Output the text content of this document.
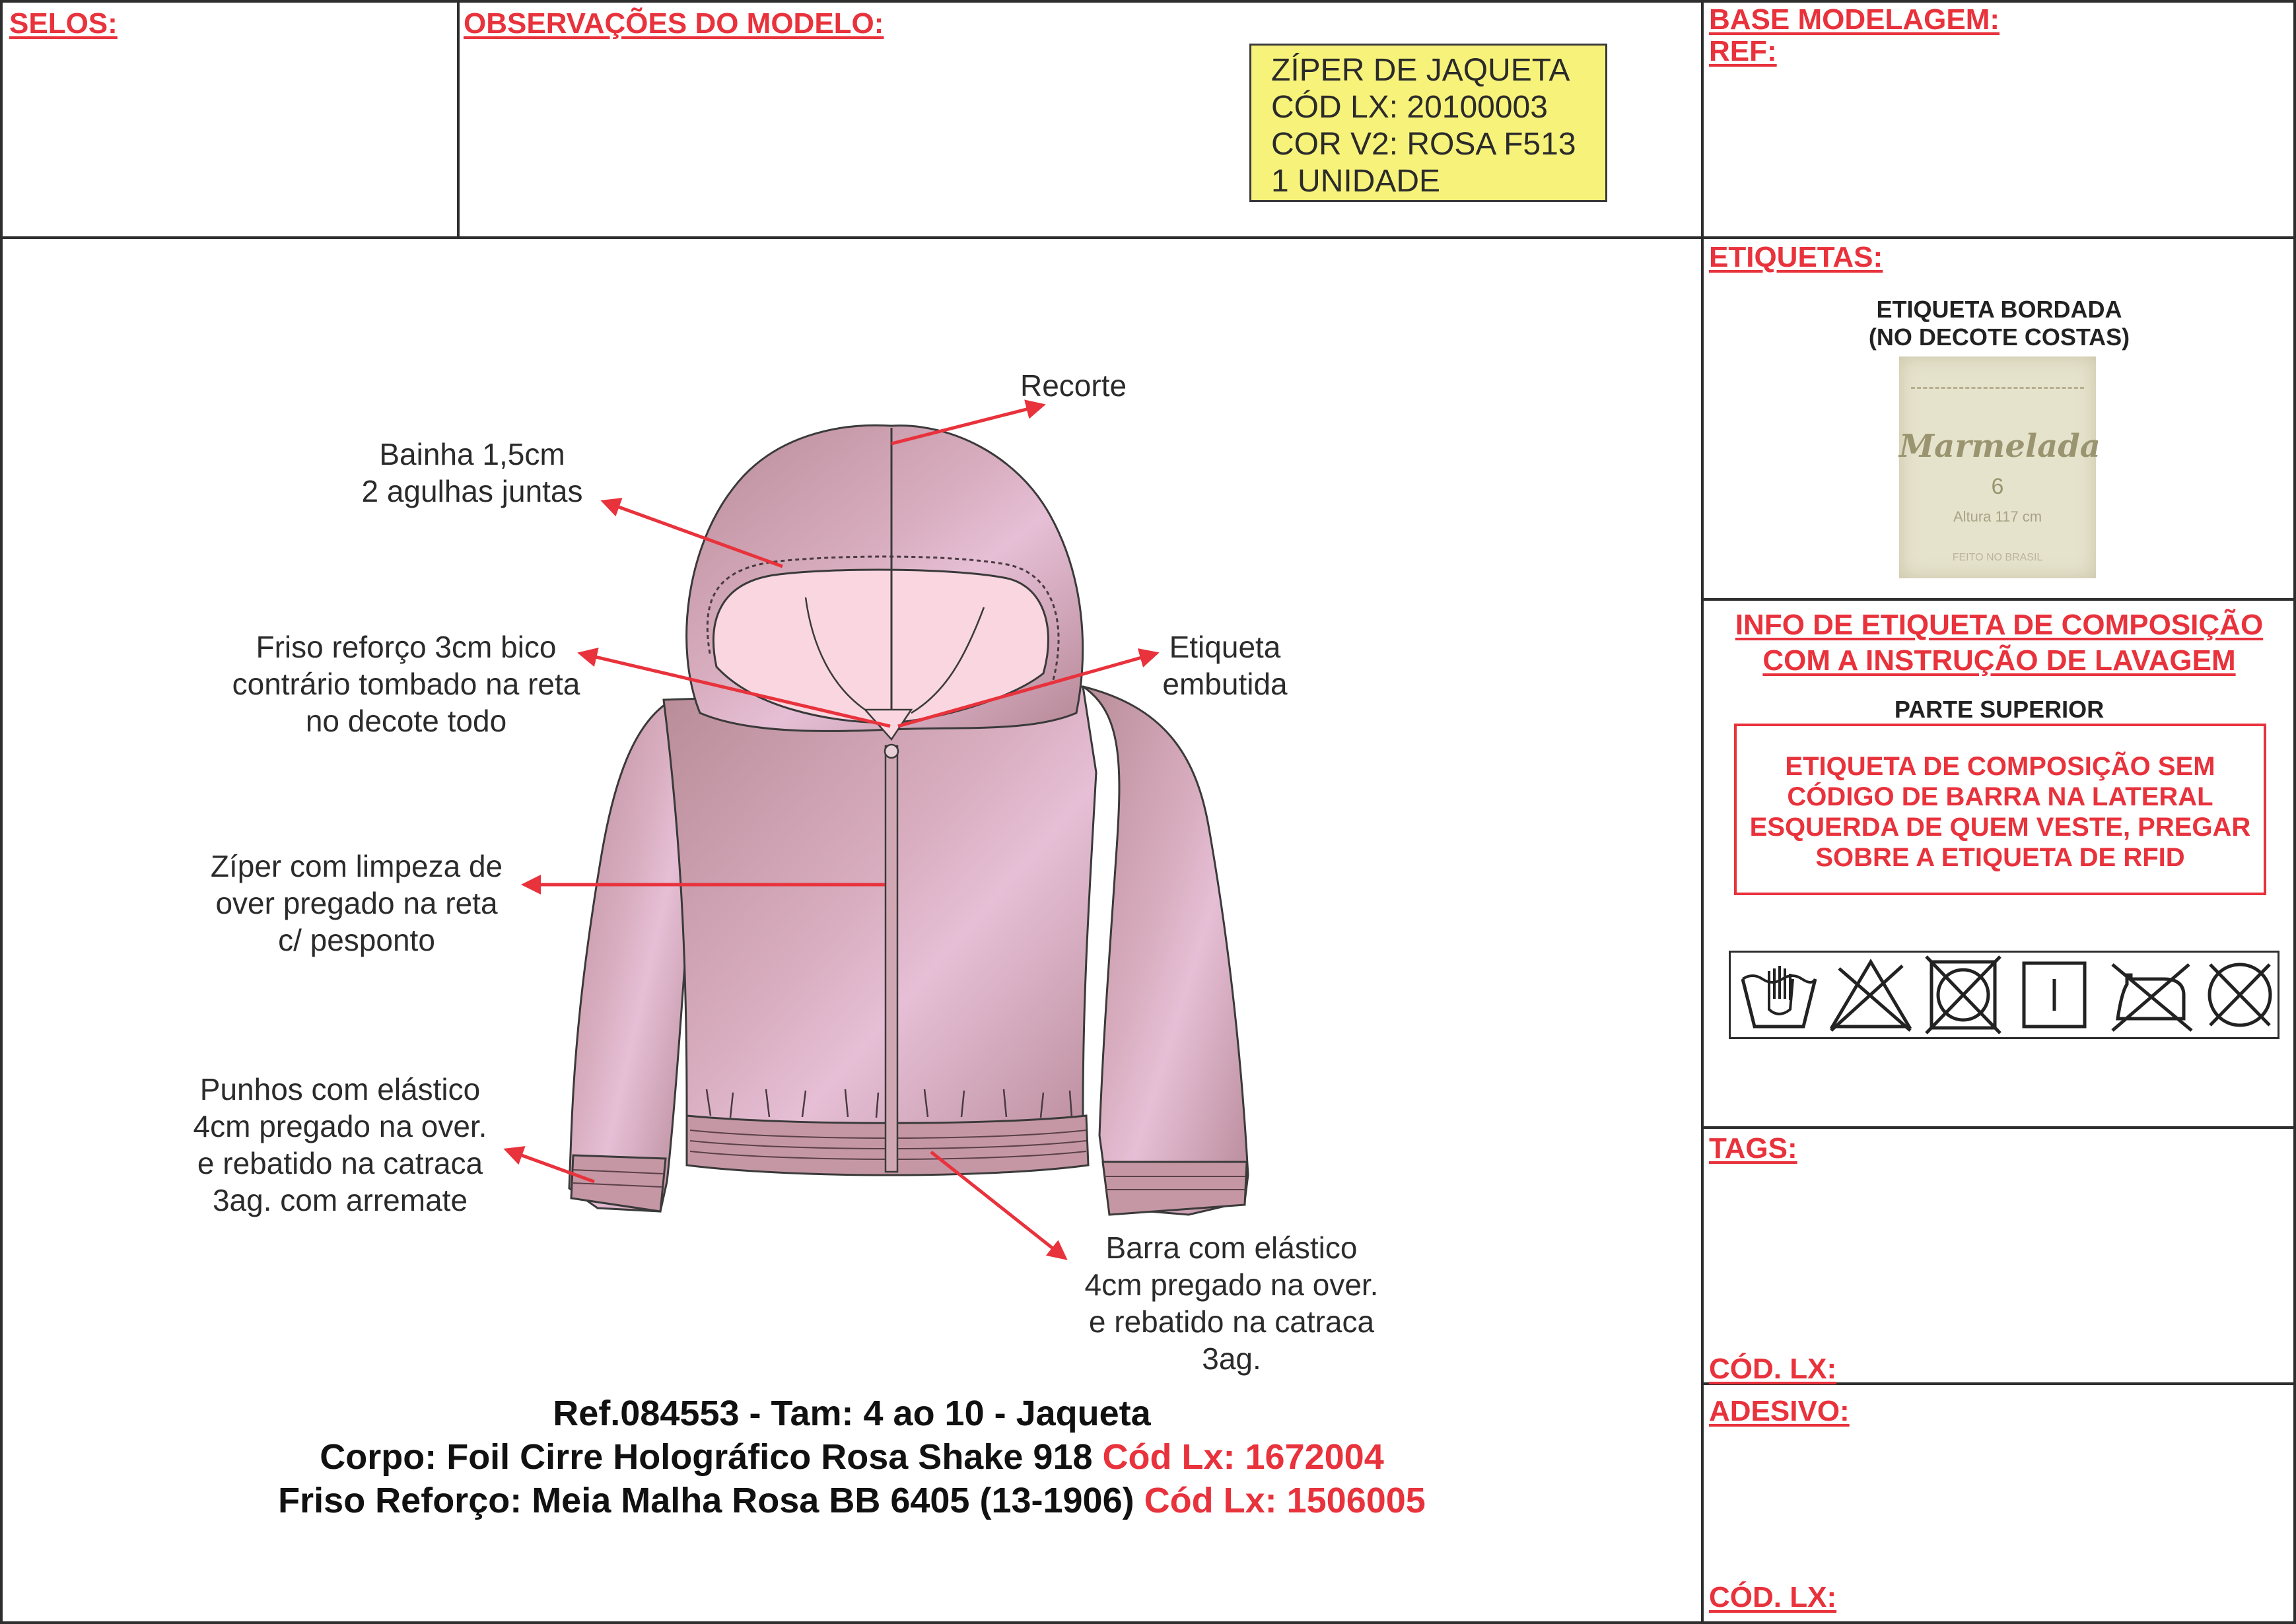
SELOS:	OBSERVAÇÕES DO MODELO:	BASE MODELAGEM:
REF:
ETIQUETAS:
TAGS:
CÓD. LX:
ADESIVO:
CÓD. LX:
ZÍPER DE JAQUETA
CÓD LX: 20100003
COR V2: ROSA F513
1 UNIDADE
Recorte
Bainha 1,5cm
2 agulhas juntas
Friso reforço 3cm bico
contrário tombado na reta
no decote todo
Etiqueta
embutida
Zíper com limpeza de
over pregado na reta
c/ pesponto
Punhos com elástico
4cm pregado na over.
e rebatido na catraca
3ag. com arremate
Barra com elástico
4cm pregado na over.
e rebatido na catraca
3ag.
Ref.084553 - Tam: 4 ao 10 - Jaqueta
Corpo: Foil Cirre Holográfico Rosa Shake 918 Cód Lx: 1672004
Friso Reforço: Meia Malha Rosa BB 6405 (13-1906) Cód Lx: 1506005
ETIQUETA BORDADA
(NO DECOTE COSTAS)
Marmelada
6
Altura 117 cm
FEITO NO BRASIL
INFO DE ETIQUETA DE COMPOSIÇÃO
COM A INSTRUÇÃO DE LAVAGEM
PARTE SUPERIOR
ETIQUETA DE COMPOSIÇÃO SEM
CÓDIGO DE BARRA NA LATERAL
ESQUERDA DE QUEM VESTE, PREGAR
SOBRE A ETIQUETA DE RFID
